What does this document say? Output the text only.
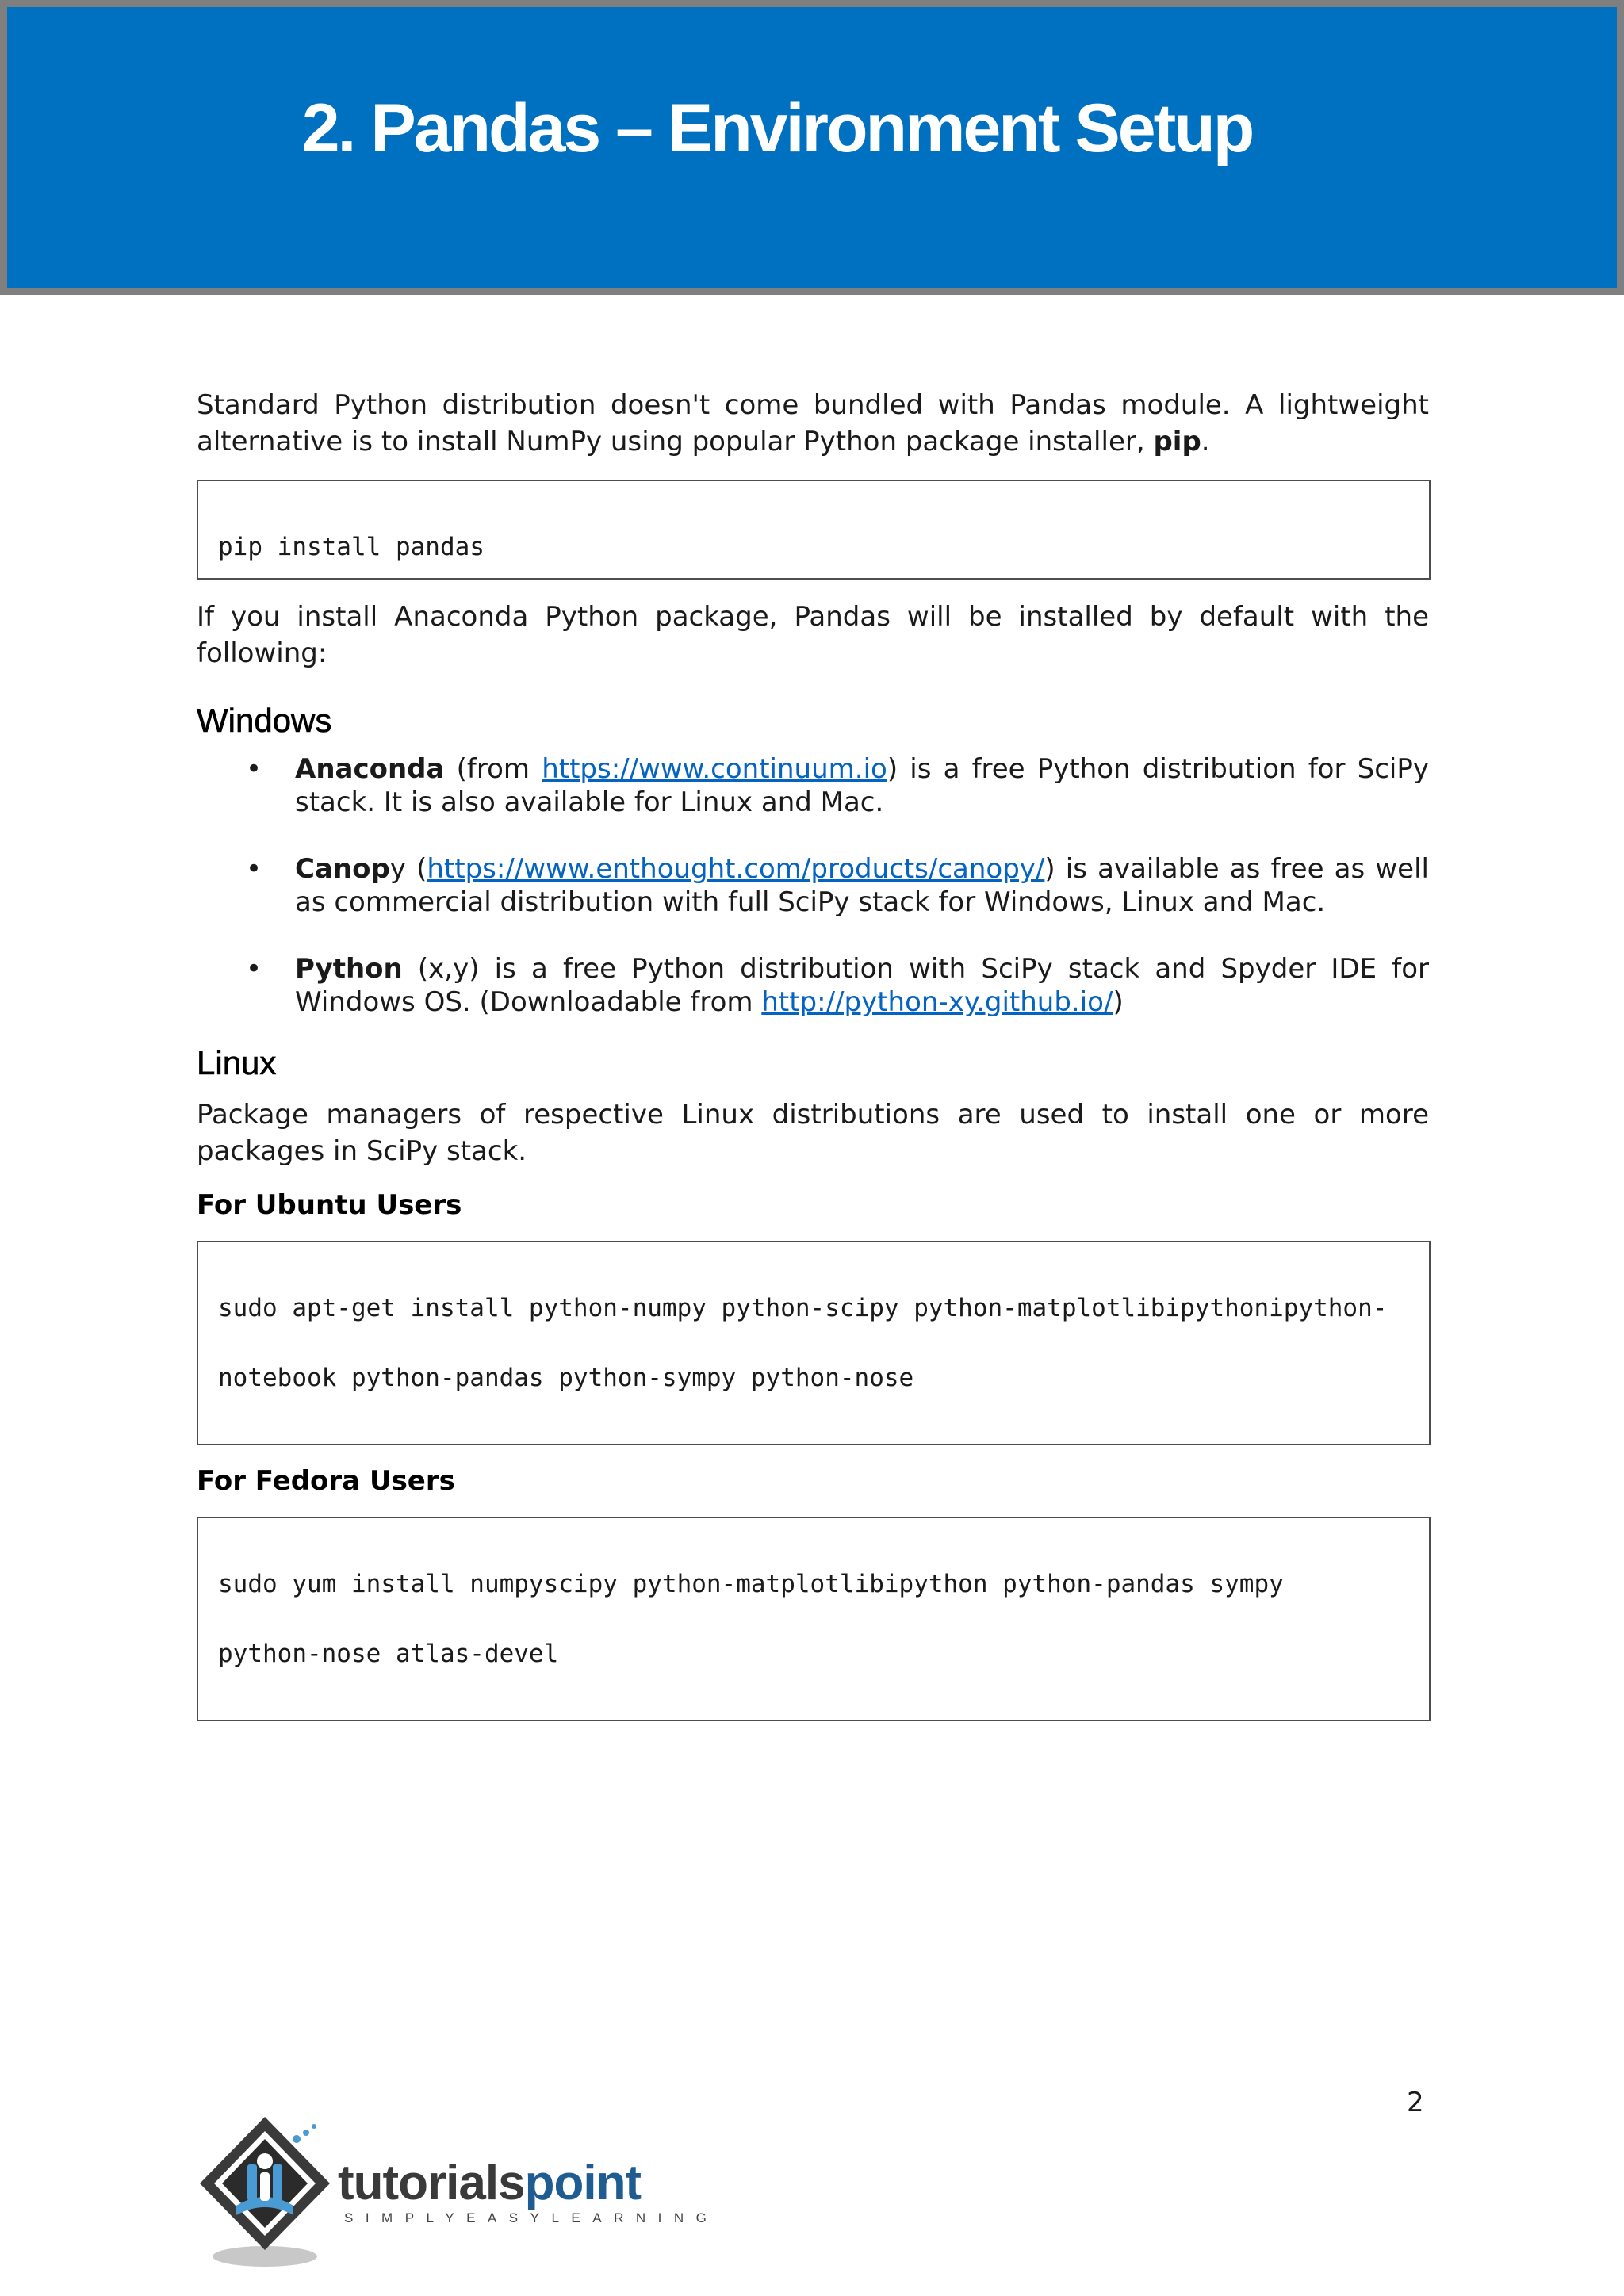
2. Pandas – Environment Setup

Standard Python distribution doesn't come bundled with Pandas module. A lightweight alternative is to install NumPy using popular Python package installer, pip.

pip install pandas

If you install Anaconda Python package, Pandas will be installed by default with the following:

Windows
• Anaconda (from https://www.continuum.io) is a free Python distribution for SciPy stack. It is also available for Linux and Mac.
• Canopy (https://www.enthought.com/products/canopy/) is available as free as well as commercial distribution with full SciPy stack for Windows, Linux and Mac.
• Python (x,y) is a free Python distribution with SciPy stack and Spyder IDE for Windows OS. (Downloadable from http://python-xy.github.io/)
Linux

Package managers of respective Linux distributions are used to install one or more packages in SciPy stack.

For Ubuntu Users

sudo apt-get install python-numpy python-scipy python-matplotlibipythonipython-

notebook python-pandas python-sympy python-nose

For Fedora Users

sudo yum install numpyscipy python-matplotlibipython python-pandas sympy

python-nose atlas-devel

2
tutorialspoint
SIMPLYEASYLEARNING
